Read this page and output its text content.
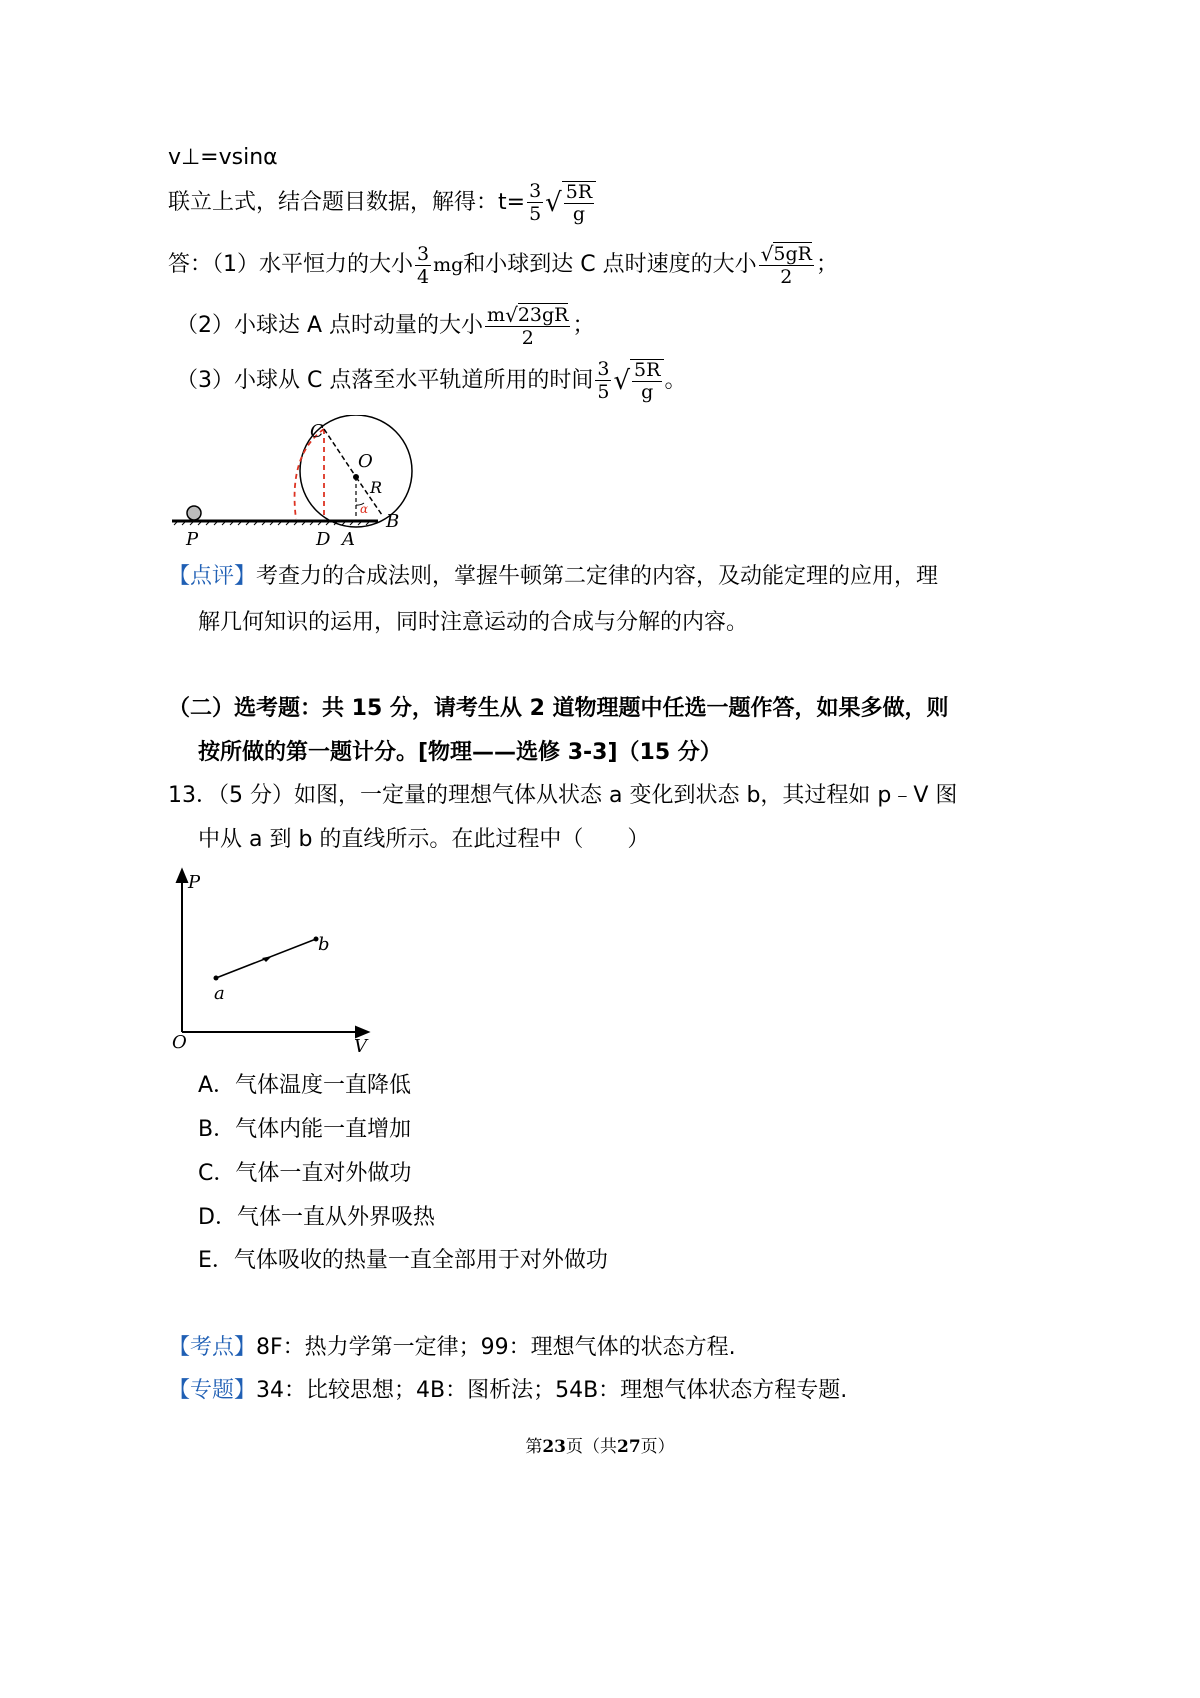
v⊥=vsinα
联立上式，结合题目数据，解得：$t= \frac{3}{5}$ √ 5R
g
答：（1）水平恒力的大小 $\frac{3}{4}$ mg 和小球到达 C 点时速度的大小 $\frac{√ 5gR}{2}$ ；
（2）小球达 A 点时动量的大小 $\frac{m √ 23gR}{2}$ ；
（3）小球从 C 点落至水平轨道所用的时间 $\frac{3}{5}$ √ 5R
g 。
C
O
R
α
B
P	D A
【点评】考查力的合成法则，掌握牛顿第二定律的内容，及动能定理的应用，理
解几何知识的运用，同时注意运动的合成与分解的内容。
（二）选考题：共 15 分，请考生从 2 道物理题中任选一题作答，如果多做，则
按所做的第一题计分。[物理——选修 3-3]（15 分）
13．（5 分）如图，一定量的理想气体从状态 a 变化到状态 b，其过程如 p﹣V 图
中从 a 到 b 的直线所示。在此过程中（　　）
P
V
O
a
b
A．气体温度一直降低
B．气体内能一直增加
C．气体一直对外做功
D．气体一直从外界吸热
E．气体吸收的热量一直全部用于对外做功
【考点】8F：热力学第一定律；99：理想气体的状态方程.
【专题】34：比较思想；4B：图析法；54B：理想气体状态方程专题.
第23页（共27页）
